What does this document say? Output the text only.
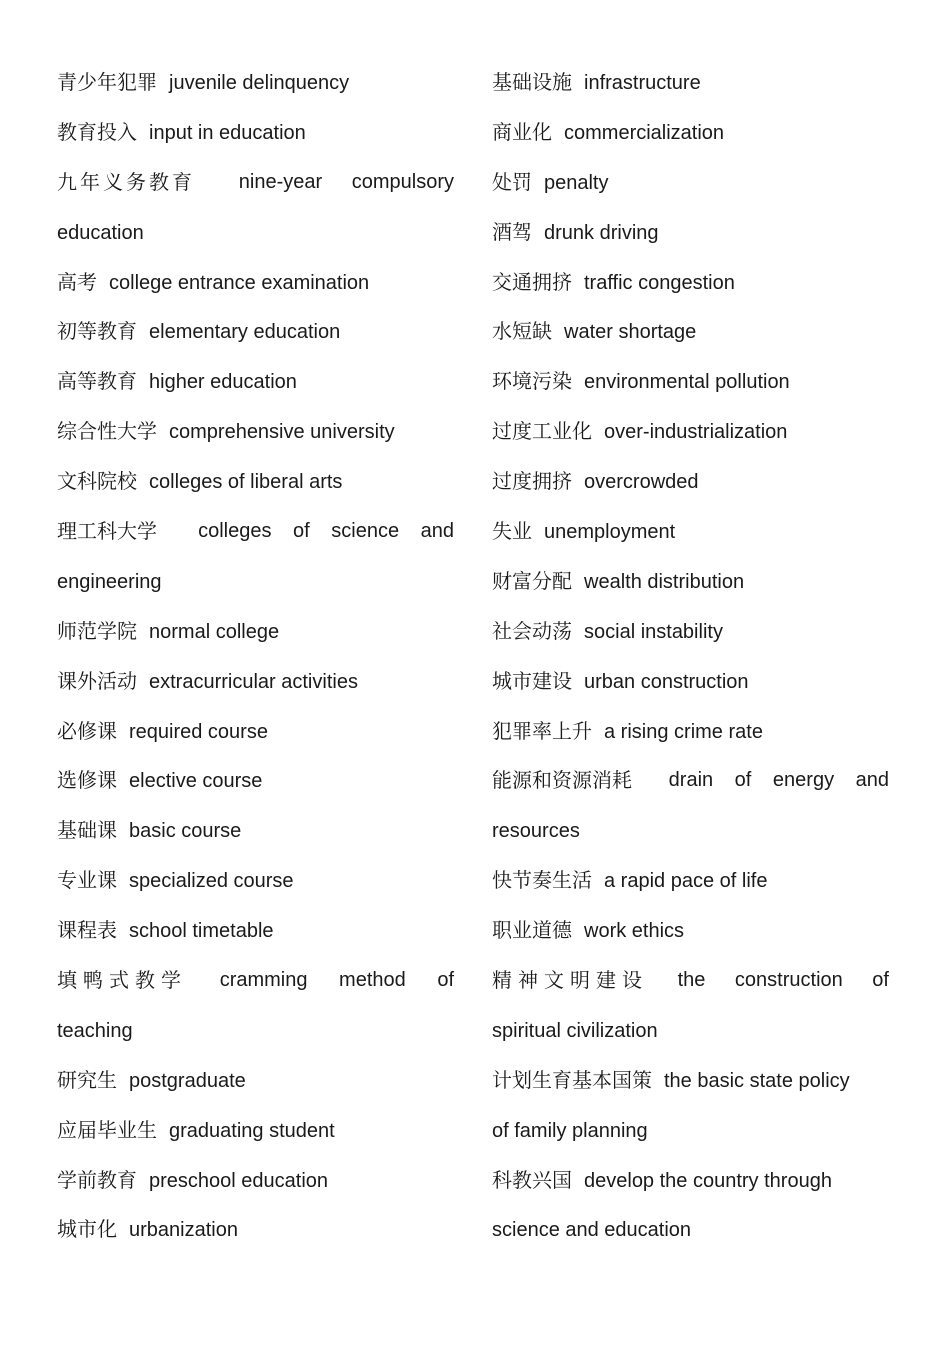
青少年犯罪 juvenile delinquency
教育投入 input in education
九年义务教育 nine-year compulsory
education
高考 college entrance examination
初等教育 elementary education
高等教育 higher education
综合性大学 comprehensive university
文科院校 colleges of liberal arts
理工科大学 colleges of science and
engineering
师范学院 normal college
课外活动 extracurricular activities
必修课 required course
选修课 elective course
基础课 basic course
专业课 specialized course
课程表 school timetable
填鸭式教学 cramming method of
teaching
研究生 postgraduate
应届毕业生 graduating student
学前教育 preschool education
城市化 urbanization
基础设施 infrastructure
商业化 commercialization
处罚 penalty
酒驾 drunk driving
交通拥挤 traffic congestion
水短缺 water shortage
环境污染 environmental pollution
过度工业化 over-industrialization
过度拥挤 overcrowded
失业 unemployment
财富分配 wealth distribution
社会动荡 social instability
城市建设 urban construction
犯罪率上升 a rising crime rate
能源和资源消耗 drain of energy and
resources
快节奏生活 a rapid pace of life
职业道德 work ethics
精神文明建设 the construction of
spiritual civilization
计划生育基本国策 the basic state policy
of family planning
科教兴国 develop the country through
science and education
